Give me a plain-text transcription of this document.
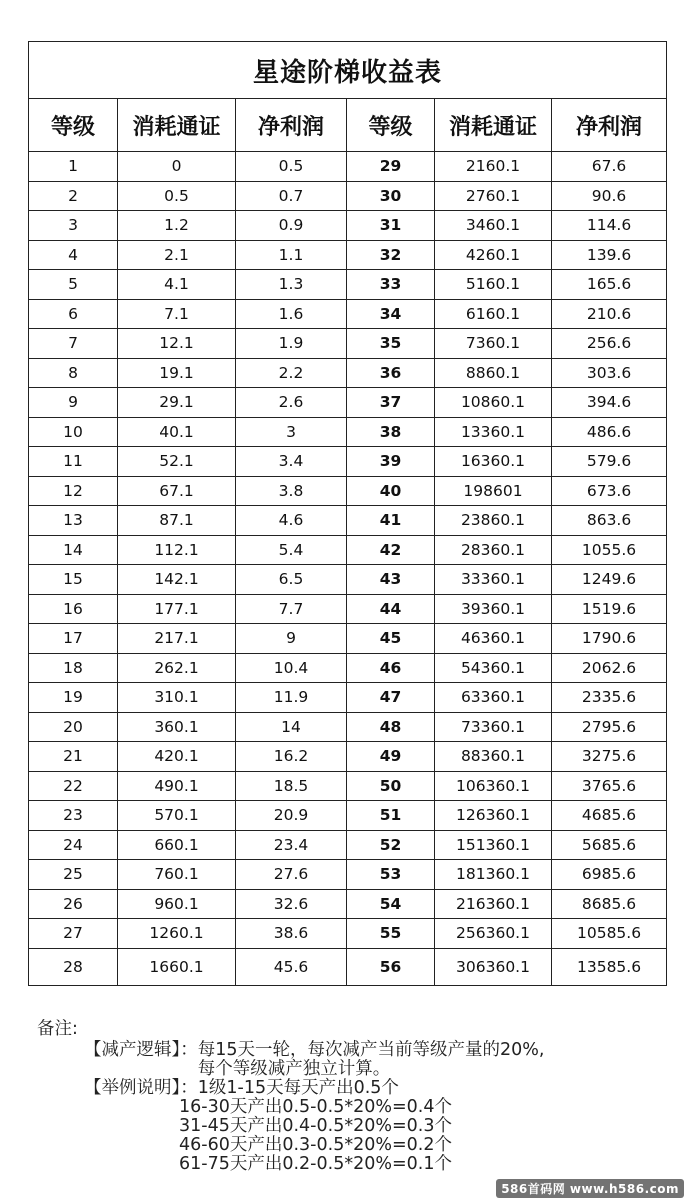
星途阶梯收益表					
等级	消耗通证	净利润	等级	消耗通证	净利润
1	0	0.5	29	2160.1	67.6
2	0.5	0.7	30	2760.1	90.6
3	1.2	0.9	31	3460.1	114.6
4	2.1	1.1	32	4260.1	139.6
5	4.1	1.3	33	5160.1	165.6
6	7.1	1.6	34	6160.1	210.6
7	12.1	1.9	35	7360.1	256.6
8	19.1	2.2	36	8860.1	303.6
9	29.1	2.6	37	10860.1	394.6
10	40.1	3	38	13360.1	486.6
11	52.1	3.4	39	16360.1	579.6
12	67.1	3.8	40	198601	673.6
13	87.1	4.6	41	23860.1	863.6
14	112.1	5.4	42	28360.1	1055.6
15	142.1	6.5	43	33360.1	1249.6
16	177.1	7.7	44	39360.1	1519.6
17	217.1	9	45	46360.1	1790.6
18	262.1	10.4	46	54360.1	2062.6
19	310.1	11.9	47	63360.1	2335.6
20	360.1	14	48	73360.1	2795.6
21	420.1	16.2	49	88360.1	3275.6
22	490.1	18.5	50	106360.1	3765.6
23	570.1	20.9	51	126360.1	4685.6
24	660.1	23.4	52	151360.1	5685.6
25	760.1	27.6	53	181360.1	6985.6
26	960.1	32.6	54	216360.1	8685.6
27	1260.1	38.6	55	256360.1	10585.6
28	1660.1	45.6	56	306360.1	13585.6
备注:
【减产逻辑】： 每15天一轮，每次减产当前等级产量的20%,
每个等级减产独立计算。
【举例说明】： 1级1-15天每天产出0.5个
16-30天产出0.5-0.5*20%=0.4个
31-45天产出0.4-0.5*20%=0.3个
46-60天产出0.3-0.5*20%=0.2个
61-75天产出0.2-0.5*20%=0.1个
586首码网 www.h586.com
